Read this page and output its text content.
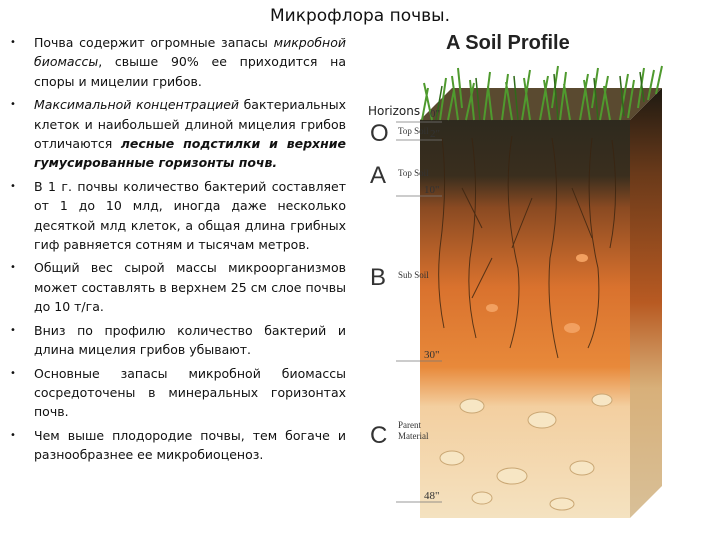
Микрофлора почвы.
• Почва содержит огромные запасы микробной биомассы, свыше 90% ее приходится на споры и мицелии грибов.
• Максимальной концентрацией бактериальных клеток и наибольшей длиной мицелия грибов отличаются лесные подстилки и верхние гумусированные горизонты почв.
• В 1 г. почвы количество бактерий составляет от 1 до 10 млд, иногда даже несколько десяткой млд клеток, а общая длина грибных гиф равняется сотням и тысячам метров.
• Общий вес сырой массы микроорганизмов может составлять в верхнем 25 см слое почвы до 10 т/га.
• Вниз по профилю количество бактерий и длина мицелия грибов убывают.
• Основные запасы микробной биомассы сосредоточены в минеральных горизонтах почв.
• Чем выше плодородие почвы, тем богаче и разнообразнее ее микробиоценоз.
A Soil Profile
Horizons
O
A
B
C
Top Soil
Top Soil
Sub Soil
Parent Material
0"
2"
10"
30"
48"
